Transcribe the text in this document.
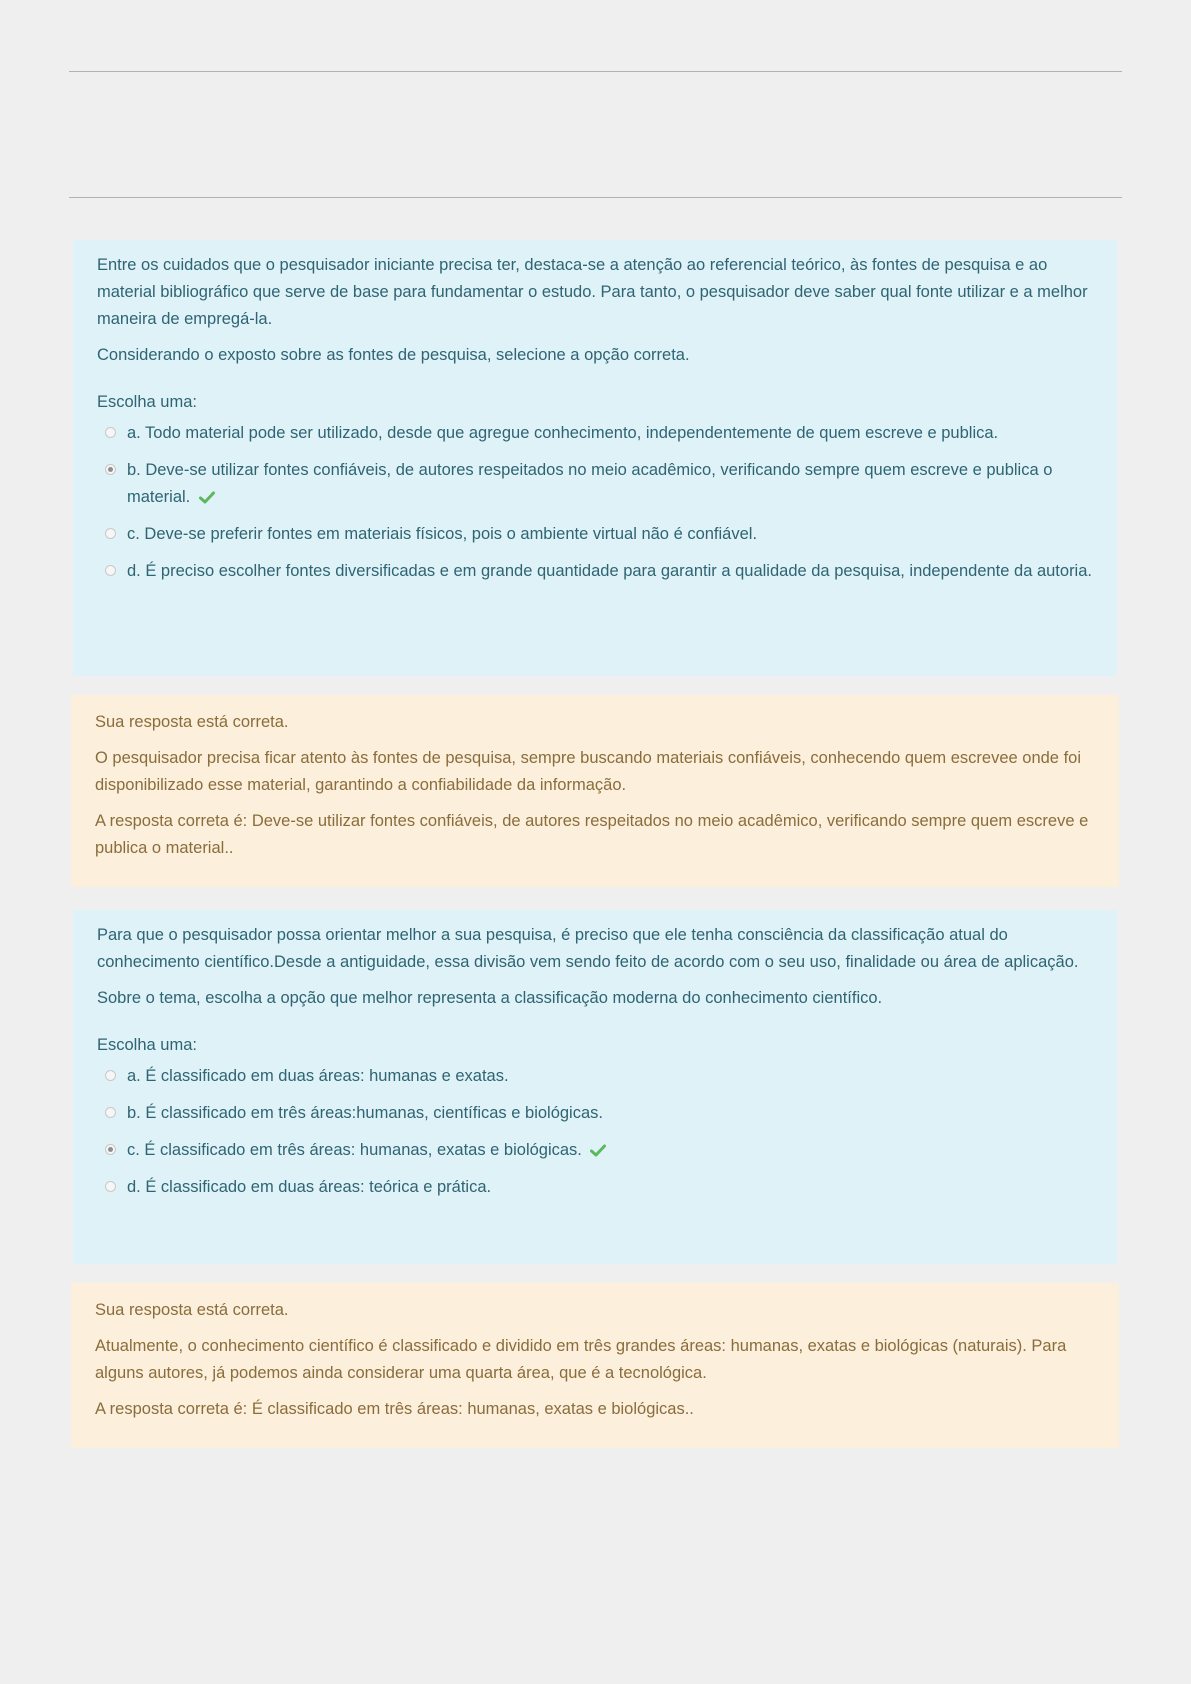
Entre os cuidados que o pesquisador iniciante precisa ter, destaca-se a atenção ao referencial teórico, às fontes de pesquisa e ao material bibliográfico que serve de base para fundamentar o estudo. Para tanto, o pesquisador deve saber qual fonte utilizar e a melhor maneira de empregá-la.

Considerando o exposto sobre as fontes de pesquisa, selecione a opção correta.

Escolha uma:

a. Todo material pode ser utilizado, desde que agregue conhecimento, independentemente de quem escreve e publica.
b. Deve-se utilizar fontes confiáveis, de autores respeitados no meio acadêmico, verificando sempre quem escreve e publica o material.
c. Deve-se preferir fontes em materiais físicos, pois o ambiente virtual não é confiável.
d. É preciso escolher fontes diversificadas e em grande quantidade para garantir a qualidade da pesquisa, independente da autoria.

Sua resposta está correta.

O pesquisador precisa ficar atento às fontes de pesquisa, sempre buscando materiais confiáveis, conhecendo quem escrevee onde foi disponibilizado esse material, garantindo a confiabilidade da informação.

A resposta correta é: Deve-se utilizar fontes confiáveis, de autores respeitados no meio acadêmico, verificando sempre quem escreve e publica o material..

Para que o pesquisador possa orientar melhor a sua pesquisa, é preciso que ele tenha consciência da classificação atual do conhecimento científico.Desde a antiguidade, essa divisão vem sendo feito de acordo com o seu uso, finalidade ou área de aplicação.

Sobre o tema, escolha a opção que melhor representa a classificação moderna do conhecimento científico.

Escolha uma:

a. É classificado em duas áreas: humanas e exatas.
b. É classificado em três áreas:humanas, científicas e biológicas.
c. É classificado em três áreas: humanas, exatas e biológicas.
d. É classificado em duas áreas: teórica e prática.

Sua resposta está correta.

Atualmente, o conhecimento científico é classificado e dividido em três grandes áreas: humanas, exatas e biológicas (naturais). Para alguns autores, já podemos ainda considerar uma quarta área, que é a tecnológica.

A resposta correta é: É classificado em três áreas: humanas, exatas e biológicas..
